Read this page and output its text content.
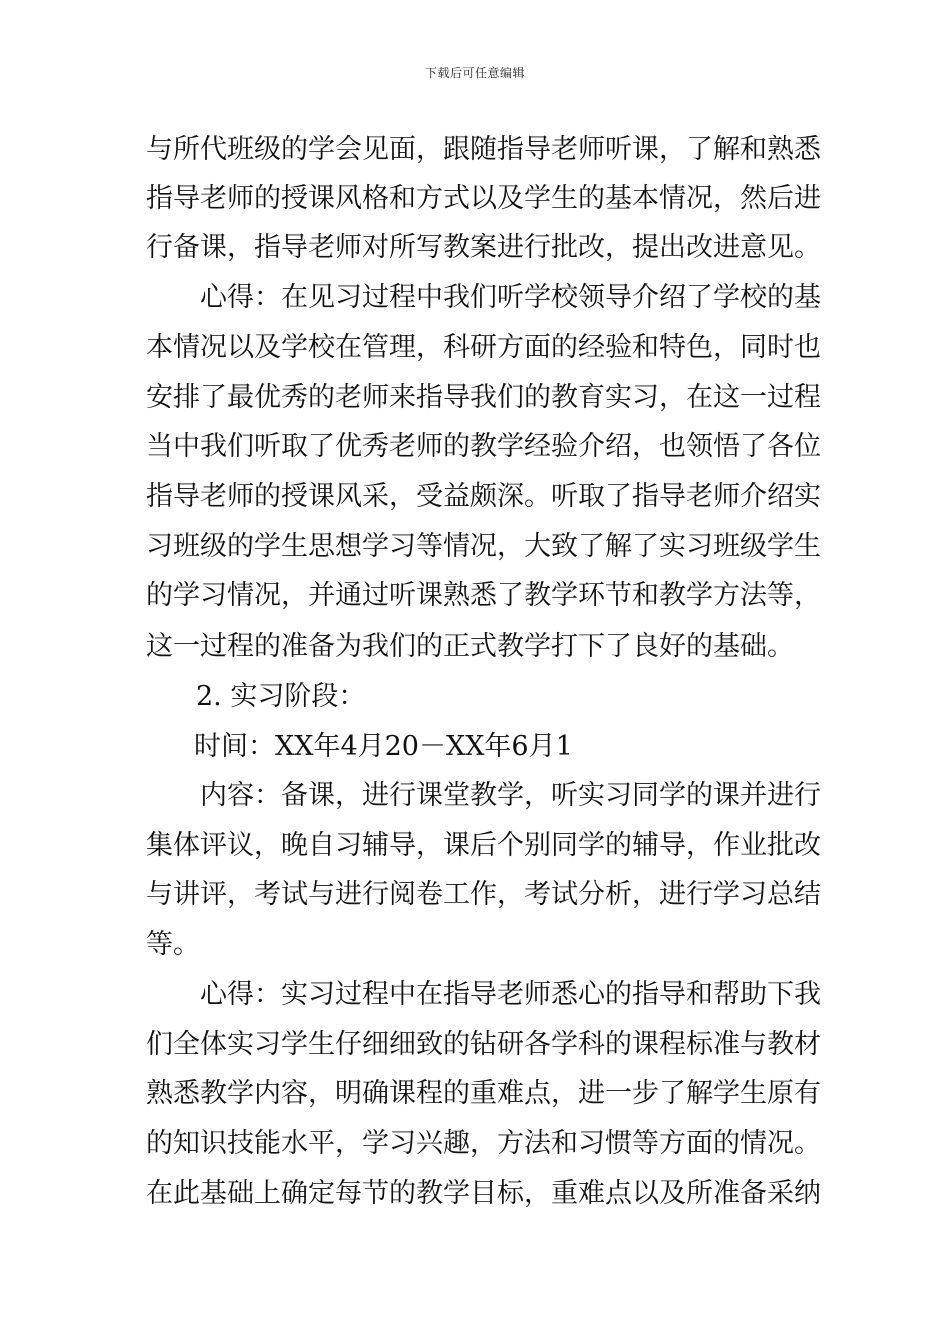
下载后可任意编辑
与所代班级的学会见面，跟随指导老师听课，了解和熟悉
指导老师的授课风格和方式以及学生的基本情况，然后进
行备课，指导老师对所写教案进行批改，提出改进意见。
心得：在见习过程中我们听学校领导介绍了学校的基
本情况以及学校在管理，科研方面的经验和特色，同时也
安排了最优秀的老师来指导我们的教育实习，在这一过程
当中我们听取了优秀老师的教学经验介绍，也领悟了各位
指导老师的授课风采，受益颇深。听取了指导老师介绍实
习班级的学生思想学习等情况，大致了解了实习班级学生
的学习情况，并通过听课熟悉了教学环节和教学方法等，
这一过程的准备为我们的正式教学打下了良好的基础。
2. 实习阶段：
时间：XX年4月20－XX年6月1
内容：备课，进行课堂教学，听实习同学的课并进行
集体评议，晚自习辅导，课后个别同学的辅导，作业批改
与讲评，考试与进行阅卷工作，考试分析，进行学习总结
等。
心得：实习过程中在指导老师悉心的指导和帮助下我
们全体实习学生仔细细致的钻研各学科的课程标准与教材
熟悉教学内容，明确课程的重难点，进一步了解学生原有
的知识技能水平，学习兴趣，方法和习惯等方面的情况。
在此基础上确定每节的教学目标，重难点以及所准备采纳
